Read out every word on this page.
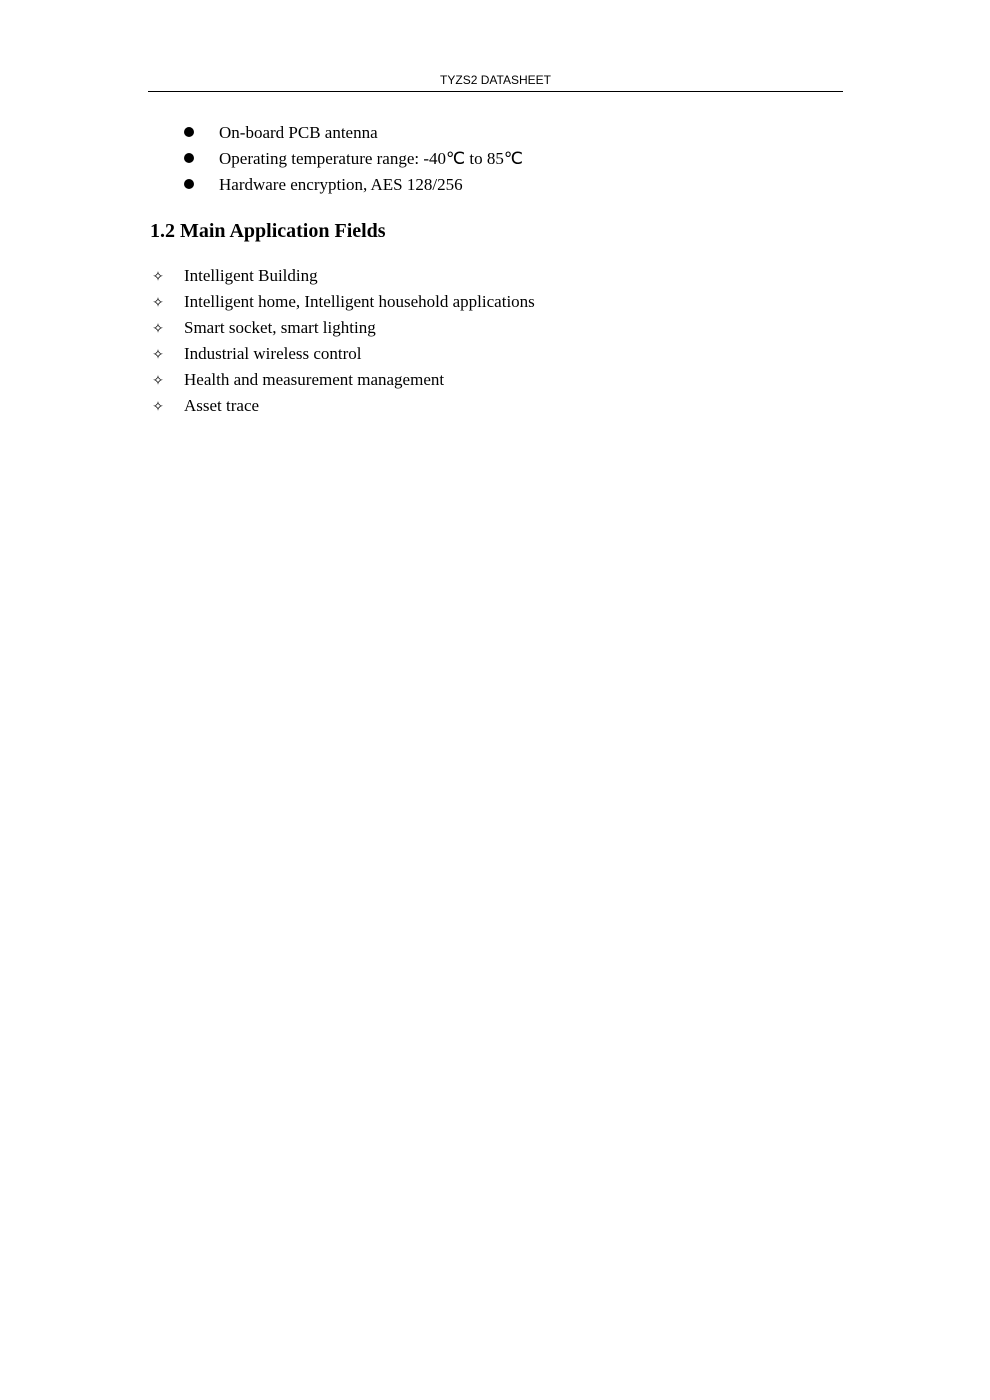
TYZS2 DATASHEET
On-board PCB antenna
Operating temperature range: -40℃ to 85℃
Hardware encryption, AES 128/256
1.2 Main Application Fields
✧ Intelligent Building
✧ Intelligent home, Intelligent household applications
✧ Smart socket, smart lighting
✧ Industrial wireless control
✧ Health and measurement management
✧ Asset trace
